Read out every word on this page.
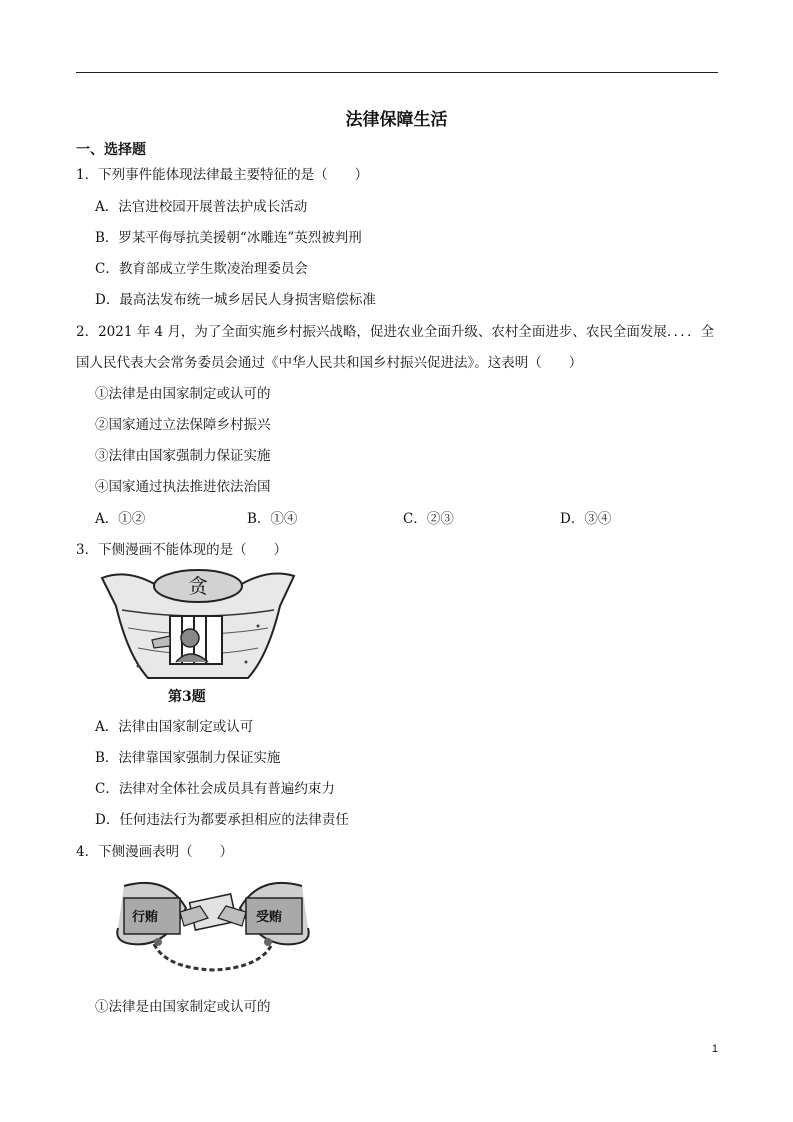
法律保障生活
一、选择题
1．下列事件能体现法律最主要特征的是（　　）
A．法官进校园开展普法护成长活动
B．罗某平侮辱抗美援朝“冰雕连”英烈被判刑
C．教育部成立学生欺凌治理委员会
D．最高法发布统一城乡居民人身损害赔偿标准
2．2021 年 4 月，为了全面实施乡村振兴战略，促进农业全面升级、农村全面进步、农民全面发展．．．．全
国人民代表大会常务委员会通过《中华人民共和国乡村振兴促进法》。这表明（　　）
①法律是由国家制定或认可的
②国家通过立法保障乡村振兴
③法律由国家强制力保证实施
④国家通过执法推进依法治国
A．①②	B．①④	C．②③	D．③④
3．下侧漫画不能体现的是（　　）
贪
第3题
A．法律由国家制定或认可
B．法律靠国家强制力保证实施
C．法律对全体社会成员具有普遍约束力
D．任何违法行为都要承担相应的法律责任
4．下侧漫画表明（　　）
行贿	受贿
①法律是由国家制定或认可的
1
